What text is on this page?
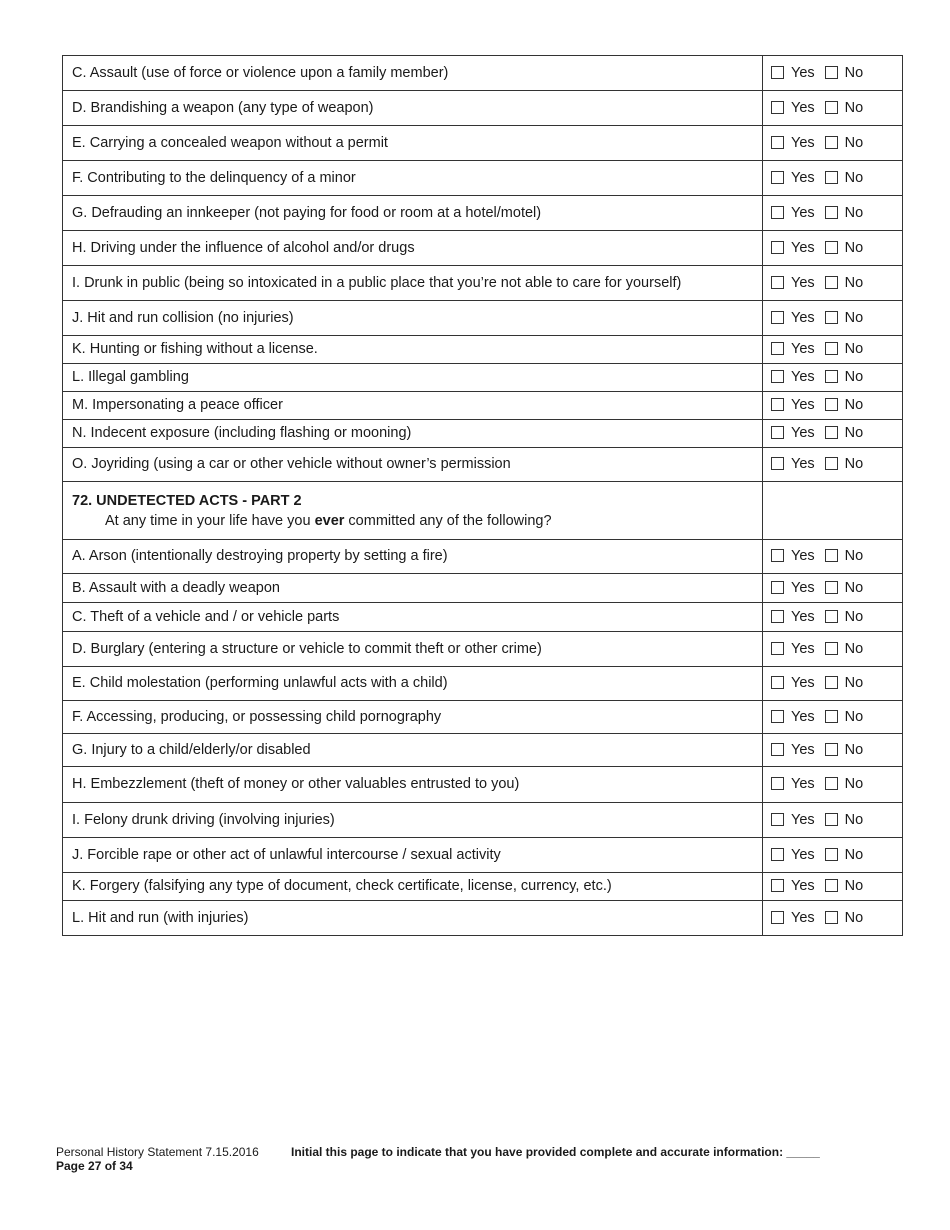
C. Assault (use of force or violence upon a family member)	Yes No
D. Brandishing a weapon (any type of weapon)	Yes No
E. Carrying a concealed weapon without a permit	Yes No
F. Contributing to the delinquency of a minor	Yes No
G. Defrauding an innkeeper (not paying for food or room at a hotel/motel)	Yes No
H. Driving under the influence of alcohol and/or drugs	Yes No
I. Drunk in public (being so intoxicated in a public place that you’re not able to care for yourself)	Yes No
J. Hit and run collision (no injuries)	Yes No
K. Hunting or fishing without a license.	Yes No
L. Illegal gambling	Yes No
M. Impersonating a peace officer	Yes No
N. Indecent exposure (including flashing or mooning)	Yes No
O. Joyriding (using a car or other vehicle without owner’s permission	Yes No

72. UNDETECTED ACTS - PART 2
At any time in your life have you ever committed any of the following?	

A. Arson (intentionally destroying property by setting a fire)	Yes No
B. Assault with a deadly weapon	Yes No
C. Theft of a vehicle and / or vehicle parts	Yes No
D. Burglary (entering a structure or vehicle to commit theft or other crime)	Yes No
E. Child molestation (performing unlawful acts with a child)	Yes No
F. Accessing, producing, or possessing child pornography	Yes No
G. Injury to a child/elderly/or disabled	Yes No
H. Embezzlement (theft of money or other valuables entrusted to you)	Yes No
I. Felony drunk driving (involving injuries)	Yes No
J. Forcible rape or other act of unlawful intercourse / sexual activity	Yes No
K. Forgery (falsifying any type of document, check certificate, license, currency, etc.)	Yes No
L. Hit and run (with injuries)	Yes No
Personal History Statement 7.15.2016
Page 27 of 34
Initial this page to indicate that you have provided complete and accurate information: _____
